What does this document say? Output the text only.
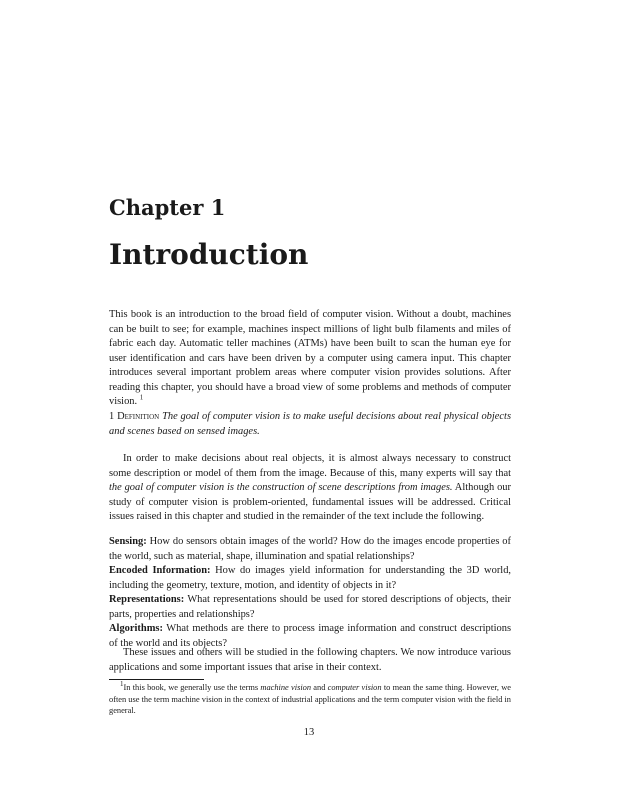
Chapter 1
Introduction

This book is an introduction to the broad field of computer vision. Without a doubt, machines can be built to see; for example, machines inspect millions of light bulb filaments and miles of fabric each day. Automatic teller machines (ATMs) have been built to scan the human eye for user identification and cars have been driven by a computer using camera input. This chapter introduces several important problem areas where computer vision provides solutions. After reading this chapter, you should have a broad view of some problems and methods of computer vision. $^1$

1 Definition The goal of computer vision is to make useful decisions about real physical objects and scenes based on sensed images.

In order to make decisions about real objects, it is almost always necessary to construct some description or model of them from the image. Because of this, many experts will say that the goal of computer vision is the construction of scene descriptions from images. Although our study of computer vision is problem-oriented, fundamental issues will be addressed. Critical issues raised in this chapter and studied in the remainder of the text include the following.

Sensing: How do sensors obtain images of the world? How do the images encode properties of the world, such as material, shape, illumination and spatial relationships?
Encoded Information: How do images yield information for understanding the 3D world, including the geometry, texture, motion, and identity of objects in it?
Representations: What representations should be used for stored descriptions of objects, their parts, properties and relationships?
Algorithms: What methods are there to process image information and construct descriptions of the world and its objects?

These issues and others will be studied in the following chapters. We now introduce various applications and some important issues that arise in their context.

$^1$In this book, we generally use the terms machine vision and computer vision to mean the same thing. However, we often use the term machine vision in the context of industrial applications and the term computer vision with the field in general.

13
